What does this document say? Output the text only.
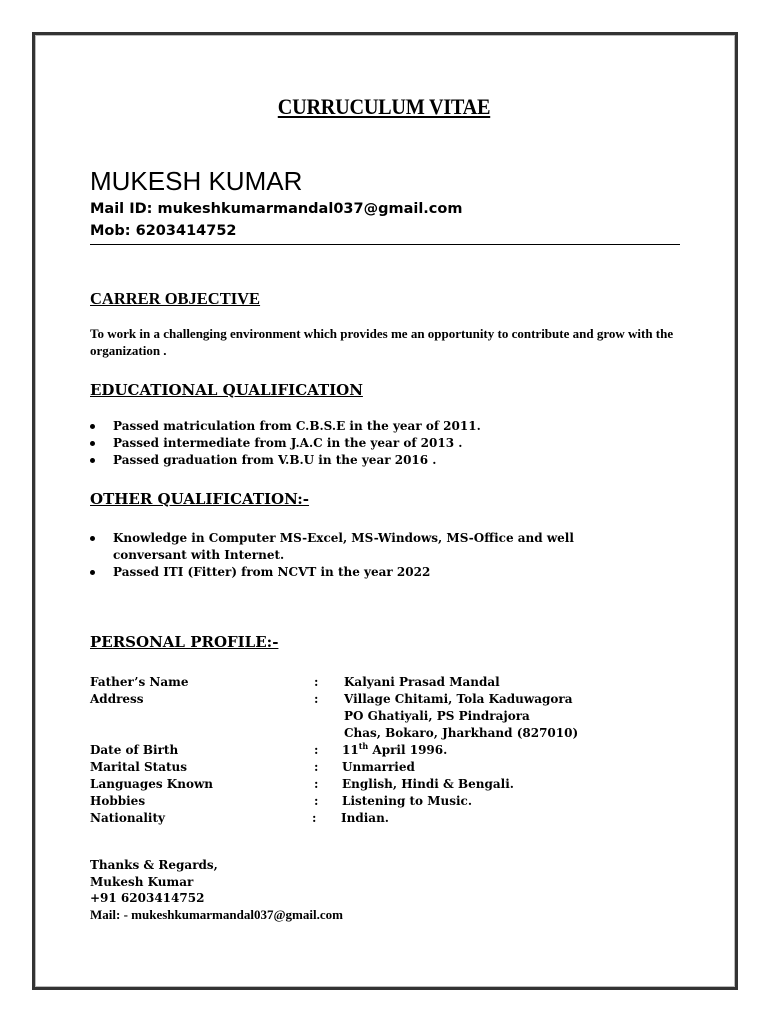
CURRUCULUM VITAE
MUKESH KUMAR
Mail ID: mukeshkumarmandal037@gmail.com
Mob: 6203414752
CARRER OBJECTIVE
To work in a challenging environment which provides me an opportunity to contribute and grow with the organization .
EDUCATIONAL QUALIFICATION
Passed matriculation from C.B.S.E in the year of 2011.
Passed intermediate from J.A.C in the year of 2013 .
Passed graduation from V.B.U in the year 2016 .
OTHER QUALIFICATION:-
Knowledge in Computer MS-Excel, MS-Windows, MS-Office and well conversant with Internet.
Passed ITI (Fitter) from NCVT in the year 2022
PERSONAL PROFILE:-
Father’s Name	: Kalyani Prasad Mandal
Address	: Village Chitami, Tola Kaduwagora
PO Ghatiyali, PS Pindrajora
Chas, Bokaro, Jharkhand (827010)
Date of Birth	: 11th April 1996.
Marital Status	: Unmarried
Languages Known	: English, Hindi & Bengali.
Hobbies	: Listening to Music.
Nationality	: Indian.
Thanks & Regards,
Mukesh Kumar
+91 6203414752
Mail: - mukeshkumarmandal037@gmail.com
